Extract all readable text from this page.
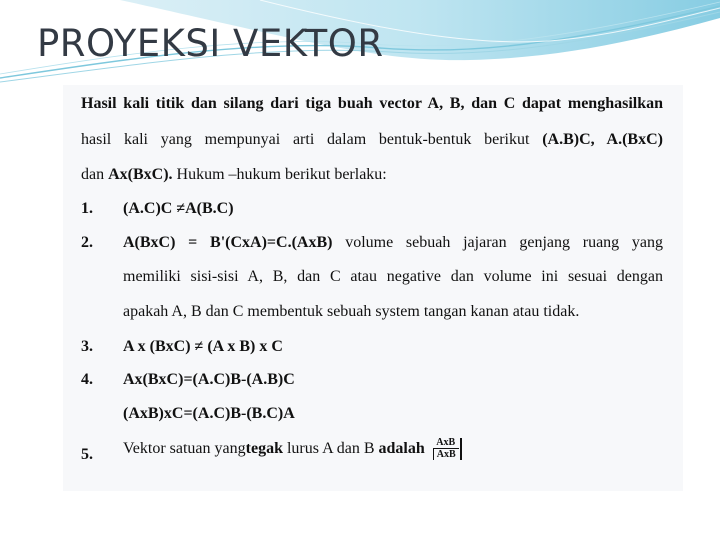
PROYEKSI VEKTOR
Hasil kali titik dan silang dari tiga buah vector A, B, dan C dapat menghasilkan
hasil kali yang mempunyai arti dalam bentuk-bentuk berikut (A.B)C, A.(BxC)
dan Ax(BxC). Hukum –hukum berikut berlaku:
1. (A.C)C ≠A(B.C)
2. A(BxC) = B'(CxA)=C.(AxB) volume sebuah jajaran genjang ruang yang
memiliki sisi-sisi A, B, dan C atau negative dan volume ini sesuai dengan
apakah A, B dan C membentuk sebuah system tangan kanan atau tidak.
3. A x (BxC) ≠ (A x B) x C
4. Ax(BxC)=(A.C)B-(A.B)C
(AxB)xC=(A.C)B-(B.C)A
5. Vektor satuan yangtegak lurus A dan B adalah $\frac{\text{AxB}}{\text{AxB}}$
